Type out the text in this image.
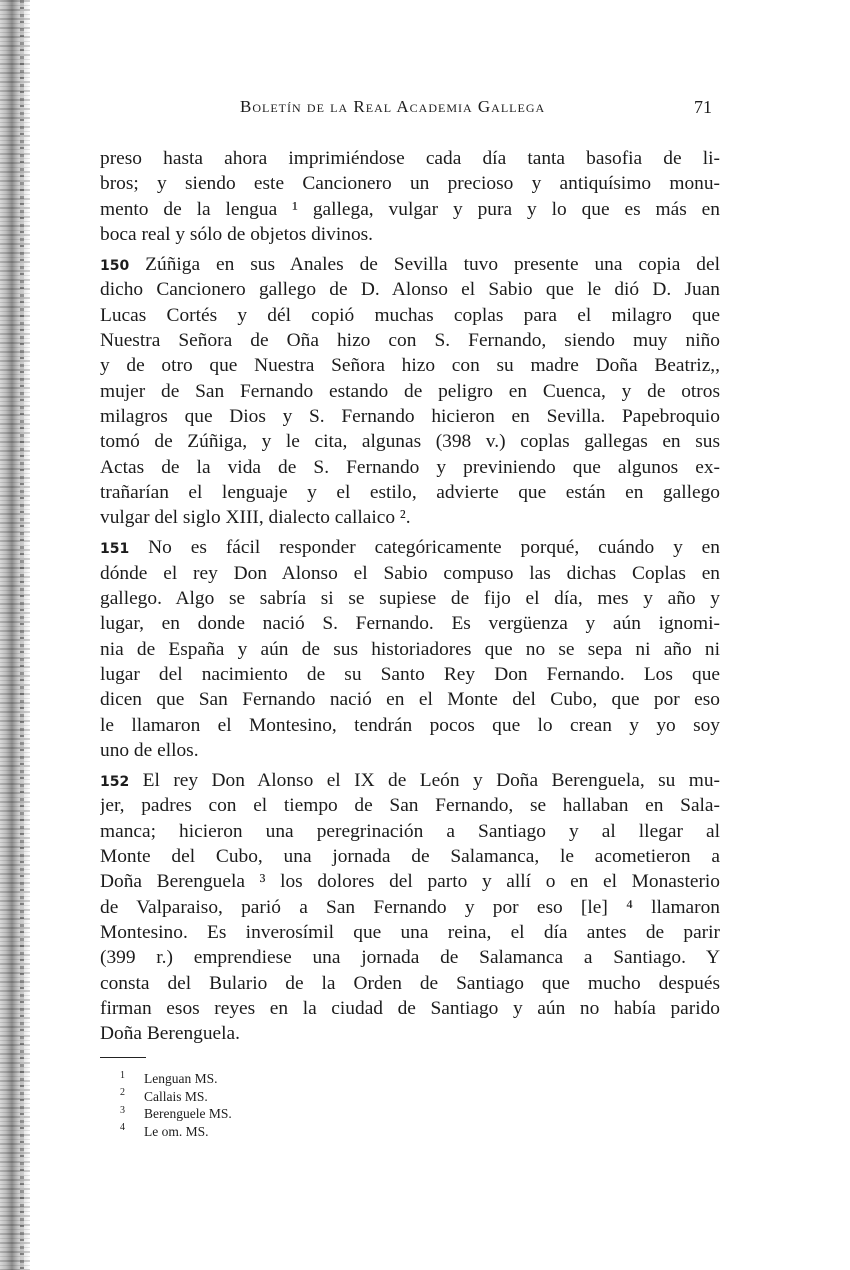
Boletín de la Real Academia Gallega	71
preso hasta ahora imprimiéndose cada día tanta basofia de li-
bros; y siendo este Cancionero un precioso y antiquísimo monu-
mento de la lengua ¹ gallega, vulgar y pura y lo que es más en
boca real y sólo de objetos divinos.
150 Zúñiga en sus Anales de Sevilla tuvo presente una copia del
dicho Cancionero gallego de D. Alonso el Sabio que le dió D. Juan
Lucas Cortés y dél copió muchas coplas para el milagro que
Nuestra Señora de Oña hizo con S. Fernando, siendo muy niño
y de otro que Nuestra Señora hizo con su madre Doña Beatriz,,
mujer de San Fernando estando de peligro en Cuenca, y de otros
milagros que Dios y S. Fernando hicieron en Sevilla. Papebroquio
tomó de Zúñiga, y le cita, algunas (398 v.) coplas gallegas en sus
Actas de la vida de S. Fernando y previniendo que algunos ex-
trañarían el lenguaje y el estilo, advierte que están en gallego
vulgar del siglo XIII, dialecto callaico ².
151 No es fácil responder categóricamente porqué, cuándo y en
dónde el rey Don Alonso el Sabio compuso las dichas Coplas en
gallego. Algo se sabría si se supiese de fijo el día, mes y año y
lugar, en donde nació S. Fernando. Es vergüenza y aún ignomi-
nia de España y aún de sus historiadores que no se sepa ni año ni
lugar del nacimiento de su Santo Rey Don Fernando. Los que
dicen que San Fernando nació en el Monte del Cubo, que por eso
le llamaron el Montesino, tendrán pocos que lo crean y yo soy
uno de ellos.
152 El rey Don Alonso el IX de León y Doña Berenguela, su mu-
jer, padres con el tiempo de San Fernando, se hallaban en Sala-
manca; hicieron una peregrinación a Santiago y al llegar al
Monte del Cubo, una jornada de Salamanca, le acometieron a
Doña Berenguela ³ los dolores del parto y allí o en el Monasterio
de Valparaiso, parió a San Fernando y por eso [le] ⁴ llamaron
Montesino. Es inverosímil que una reina, el día antes de parir
(399 r.) emprendiese una jornada de Salamanca a Santiago. Y
consta del Bulario de la Orden de Santiago que mucho después
firman esos reyes en la ciudad de Santiago y aún no había parido
Doña Berenguela.
1 Lenguan MS.
2 Callais MS.
3 Berenguele MS.
4 Le om. MS.
